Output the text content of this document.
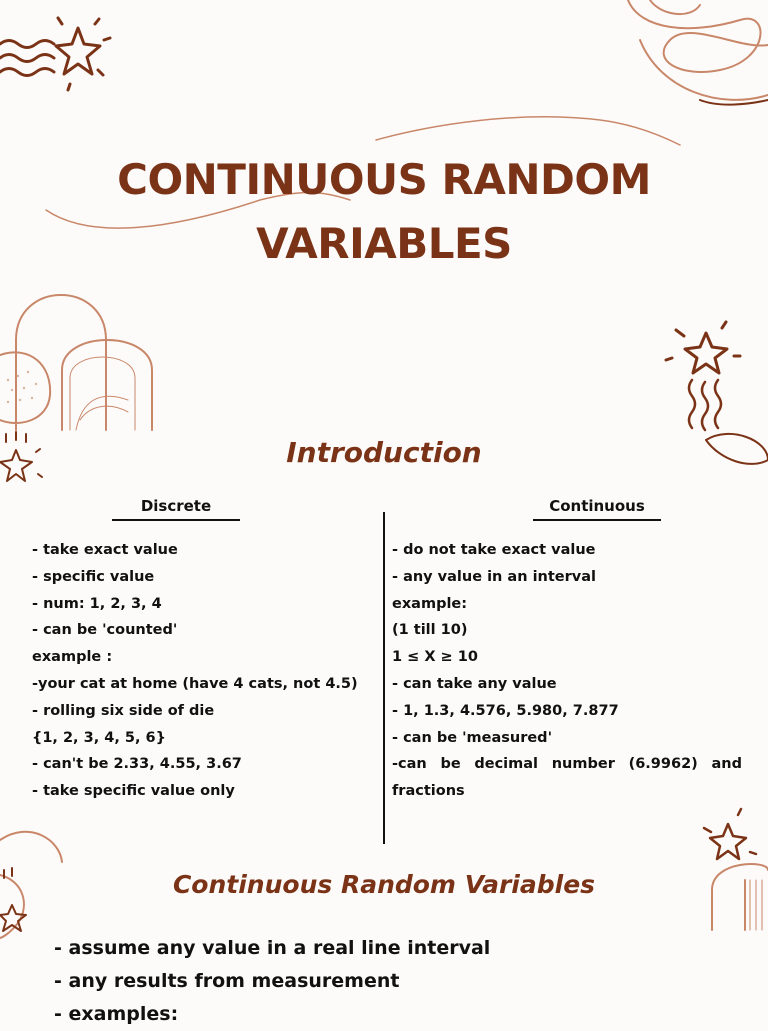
CONTINUOUS RANDOM
VARIABLES
Introduction
Discrete	Continuous
- take exact value
- specific value
- num: 1, 2, 3, 4
- can be 'counted'
example :
-your cat at home (have 4 cats, not 4.5)
- rolling six side of die
{1, 2, 3, 4, 5, 6}
- can't be 2.33, 4.55, 3.67
- take specific value only
- do not take exact value
- any value in an interval
example:
(1 till 10)
1 ≤ X ≥ 10
- can take any value
- 1, 1.3, 4.576, 5.980, 7.877
- can be 'measured'
-can be decimal number (6.9962) and fractions
Continuous Random Variables
- assume any value in a real line interval
- any results from measurement
- examples:
